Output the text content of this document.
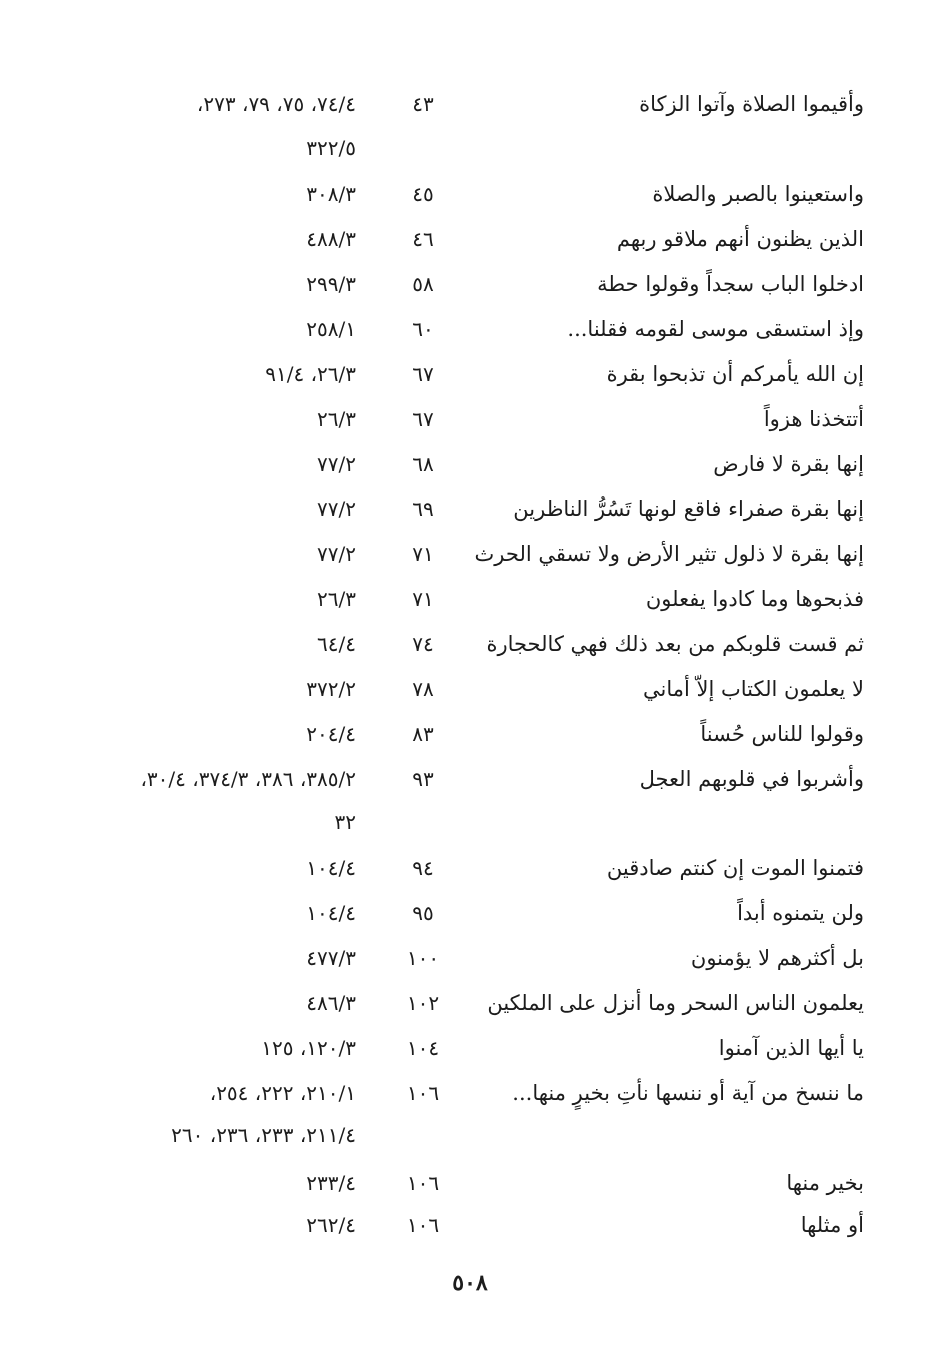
وأقيموا الصلاة وآتوا الزكاة
٤٣
٧٤/٤، ٧٥، ٧٩، ٢٧٣،
٣٢٢/٥
واستعينوا بالصبر والصلاة
٤٥
٣٠٨/٣
الذين يظنون أنهم ملاقو ربهم
٤٦
٤٨٨/٣
ادخلوا الباب سجداً وقولوا حطة
٥٨
٢٩٩/٣
وإذ استسقى موسى لقومه فقلنا...
٦٠
٢٥٨/١
إن الله يأمركم أن تذبحوا بقرة
٦٧
٢٦/٣، ٩١/٤
أتتخذنا هزواً
٦٧
٢٦/٣
إنها بقرة لا فارض
٦٨
٧٧/٢
إنها بقرة صفراء فاقع لونها تَسُرُّ الناظرين
٦٩
٧٧/٢
إنها بقرة لا ذلول تثير الأرض ولا تسقي الحرث
٧١
٧٧/٢
فذبحوها وما كادوا يفعلون
٧١
٢٦/٣
ثم قست قلوبكم من بعد ذلك فهي كالحجارة
٧٤
٦٤/٤
لا يعلمون الكتاب إلاّ أماني
٧٨
٣٧٢/٢
وقولوا للناس حُسناً
٨٣
٢٠٤/٤
وأشربوا في قلوبهم العجل
٩٣
٣٨٥/٢، ٣٨٦، ٣٧٤/٣، ٣٠/٤،
٣٢
فتمنوا الموت إن كنتم صادقين
٩٤
١٠٤/٤
ولن يتمنوه أبداً
٩٥
١٠٤/٤
بل أكثرهم لا يؤمنون
١٠٠
٤٧٧/٣
يعلمون الناس السحر وما أنزل على الملكين
١٠٢
٤٨٦/٣
يا أيها الذين آمنوا
١٠٤
١٢٠/٣، ١٢٥
ما ننسخ من آية أو ننسها نأتِ بخيرٍ منها...
١٠٦
٢١٠/١، ٢٢٢، ٢٥٤،
٢١١/٤، ٢٣٣، ٢٣٦، ٢٦٠
بخير منها
١٠٦
٢٣٣/٤
أو مثلها
١٠٦
٢٦٢/٤
٥٠٨
